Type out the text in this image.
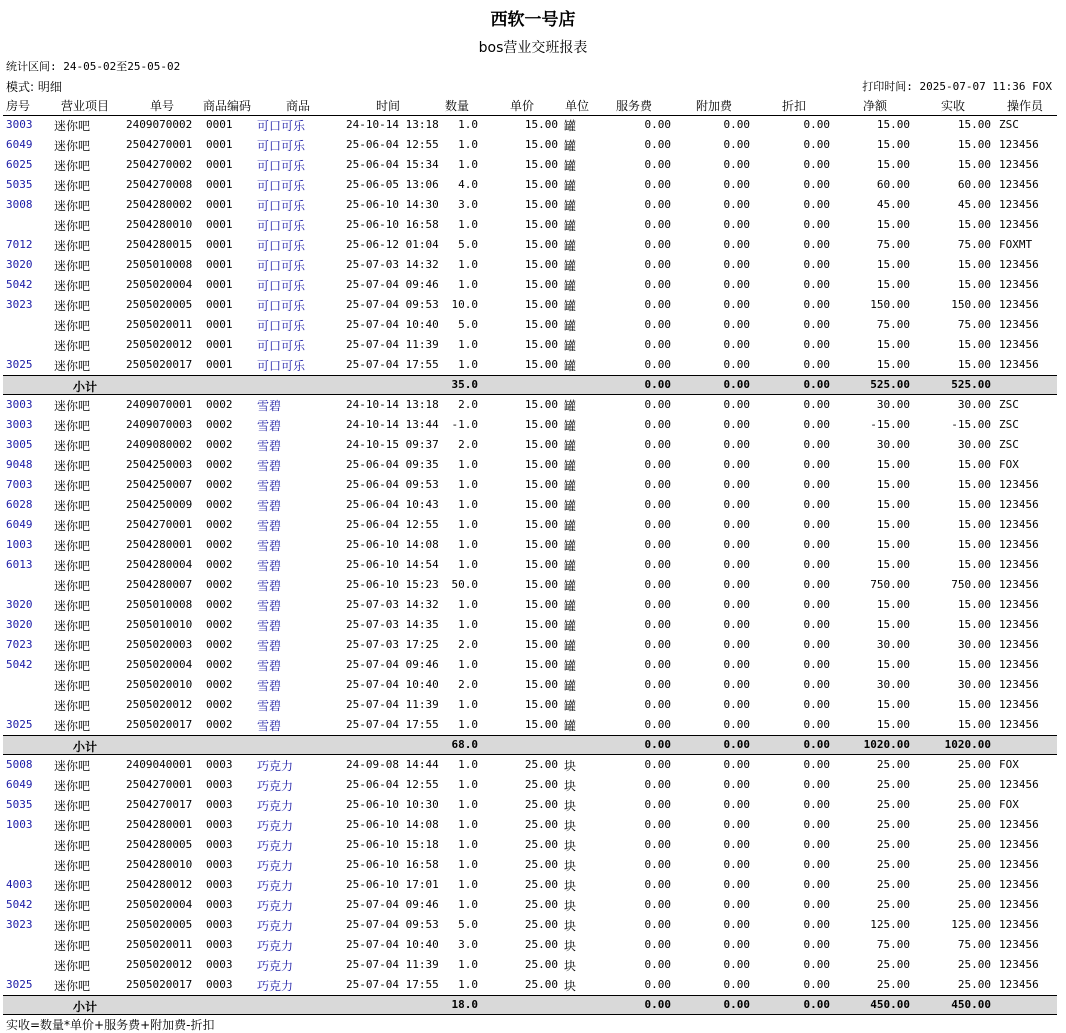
西软一号店
bos营业交班报表
统计区间: 24-05-02至25-05-02
模式: 明细	打印时间: 2025-07-07 11:36 FOX
房号	营业项目	单号 商品编码	商品	时间	数量	单价	单位 服务费	附加费	折扣	净额	实收	操作员
3003 迷你吧	2409070002 0001 可口可乐	24-10-14 13:18 1.0	15.00 罐	0.00	0.00	0.00	15.00	15.00 ZSC
6049 迷你吧	2504270001 0001 可口可乐	25-06-04 12:55 1.0	15.00 罐	0.00	0.00	0.00	15.00	15.00 123456
6025 迷你吧	2504270002 0001 可口可乐	25-06-04 15:34 1.0	15.00 罐	0.00	0.00	0.00	15.00	15.00 123456
5035 迷你吧	2504270008 0001 可口可乐	25-06-05 13:06 4.0	15.00 罐	0.00	0.00	0.00	60.00	60.00 123456
3008 迷你吧	2504280002 0001 可口可乐	25-06-10 14:30 3.0	15.00 罐	0.00	0.00	0.00	45.00	45.00 123456
迷你吧	2504280010 0001 可口可乐	25-06-10 16:58 1.0	15.00 罐	0.00	0.00	0.00	15.00	15.00 123456
7012 迷你吧	2504280015 0001 可口可乐	25-06-12 01:04 5.0	15.00 罐	0.00	0.00	0.00	75.00	75.00 FOXMT
3020 迷你吧	2505010008 0001 可口可乐	25-07-03 14:32 1.0	15.00 罐	0.00	0.00	0.00	15.00	15.00 123456
5042 迷你吧	2505020004 0001 可口可乐	25-07-04 09:46 1.0	15.00 罐	0.00	0.00	0.00	15.00	15.00 123456
3023 迷你吧	2505020005 0001 可口可乐	25-07-04 09:53 10.0	15.00 罐	0.00	0.00	0.00	150.00	150.00 123456
迷你吧	2505020011 0001 可口可乐	25-07-04 10:40 5.0	15.00 罐	0.00	0.00	0.00	75.00	75.00 123456
迷你吧	2505020012 0001 可口可乐	25-07-04 11:39 1.0	15.00 罐	0.00	0.00	0.00	15.00	15.00 123456
3025 迷你吧	2505020017 0001 可口可乐	25-07-04 17:55 1.0	15.00 罐	0.00	0.00	0.00	15.00	15.00 123456
小计	35.0	0.00	0.00	0.00	525.00	525.00
3003 迷你吧	2409070001 0002 雪碧	24-10-14 13:18 2.0	15.00 罐	0.00	0.00	0.00	30.00	30.00 ZSC
3003 迷你吧	2409070003 0002 雪碧	24-10-14 13:44 -1.0	15.00 罐	0.00	0.00	0.00	-15.00	-15.00 ZSC
3005 迷你吧	2409080002 0002 雪碧	24-10-15 09:37 2.0	15.00 罐	0.00	0.00	0.00	30.00	30.00 ZSC
9048 迷你吧	2504250003 0002 雪碧	25-06-04 09:35 1.0	15.00 罐	0.00	0.00	0.00	15.00	15.00 FOX
7003 迷你吧	2504250007 0002 雪碧	25-06-04 09:53 1.0	15.00 罐	0.00	0.00	0.00	15.00	15.00 123456
6028 迷你吧	2504250009 0002 雪碧	25-06-04 10:43 1.0	15.00 罐	0.00	0.00	0.00	15.00	15.00 123456
6049 迷你吧	2504270001 0002 雪碧	25-06-04 12:55 1.0	15.00 罐	0.00	0.00	0.00	15.00	15.00 123456
1003 迷你吧	2504280001 0002 雪碧	25-06-10 14:08 1.0	15.00 罐	0.00	0.00	0.00	15.00	15.00 123456
6013 迷你吧	2504280004 0002 雪碧	25-06-10 14:54 1.0	15.00 罐	0.00	0.00	0.00	15.00	15.00 123456
迷你吧	2504280007 0002 雪碧	25-06-10 15:23 50.0	15.00 罐	0.00	0.00	0.00	750.00	750.00 123456
3020 迷你吧	2505010008 0002 雪碧	25-07-03 14:32 1.0	15.00 罐	0.00	0.00	0.00	15.00	15.00 123456
3020 迷你吧	2505010010 0002 雪碧	25-07-03 14:35 1.0	15.00 罐	0.00	0.00	0.00	15.00	15.00 123456
7023 迷你吧	2505020003 0002 雪碧	25-07-03 17:25 2.0	15.00 罐	0.00	0.00	0.00	30.00	30.00 123456
5042 迷你吧	2505020004 0002 雪碧	25-07-04 09:46 1.0	15.00 罐	0.00	0.00	0.00	15.00	15.00 123456
迷你吧	2505020010 0002 雪碧	25-07-04 10:40 2.0	15.00 罐	0.00	0.00	0.00	30.00	30.00 123456
迷你吧	2505020012 0002 雪碧	25-07-04 11:39 1.0	15.00 罐	0.00	0.00	0.00	15.00	15.00 123456
3025 迷你吧	2505020017 0002 雪碧	25-07-04 17:55 1.0	15.00 罐	0.00	0.00	0.00	15.00	15.00 123456
小计	68.0	0.00	0.00	0.00	1020.00	1020.00
5008 迷你吧	2409040001 0003 巧克力	24-09-08 14:44 1.0	25.00 块	0.00	0.00	0.00	25.00	25.00 FOX
6049 迷你吧	2504270001 0003 巧克力	25-06-04 12:55 1.0	25.00 块	0.00	0.00	0.00	25.00	25.00 123456
5035 迷你吧	2504270017 0003 巧克力	25-06-10 10:30 1.0	25.00 块	0.00	0.00	0.00	25.00	25.00 FOX
1003 迷你吧	2504280001 0003 巧克力	25-06-10 14:08 1.0	25.00 块	0.00	0.00	0.00	25.00	25.00 123456
迷你吧	2504280005 0003 巧克力	25-06-10 15:18 1.0	25.00 块	0.00	0.00	0.00	25.00	25.00 123456
迷你吧	2504280010 0003 巧克力	25-06-10 16:58 1.0	25.00 块	0.00	0.00	0.00	25.00	25.00 123456
4003 迷你吧	2504280012 0003 巧克力	25-06-10 17:01 1.0	25.00 块	0.00	0.00	0.00	25.00	25.00 123456
5042 迷你吧	2505020004 0003 巧克力	25-07-04 09:46 1.0	25.00 块	0.00	0.00	0.00	25.00	25.00 123456
3023 迷你吧	2505020005 0003 巧克力	25-07-04 09:53 5.0	25.00 块	0.00	0.00	0.00	125.00	125.00 123456
迷你吧	2505020011 0003 巧克力	25-07-04 10:40 3.0	25.00 块	0.00	0.00	0.00	75.00	75.00 123456
迷你吧	2505020012 0003 巧克力	25-07-04 11:39 1.0	25.00 块	0.00	0.00	0.00	25.00	25.00 123456
3025 迷你吧	2505020017 0003 巧克力	25-07-04 17:55 1.0	25.00 块	0.00	0.00	0.00	25.00	25.00 123456
小计	18.0	0.00	0.00	0.00	450.00	450.00
实收=数量*单价+服务费+附加费-折扣
